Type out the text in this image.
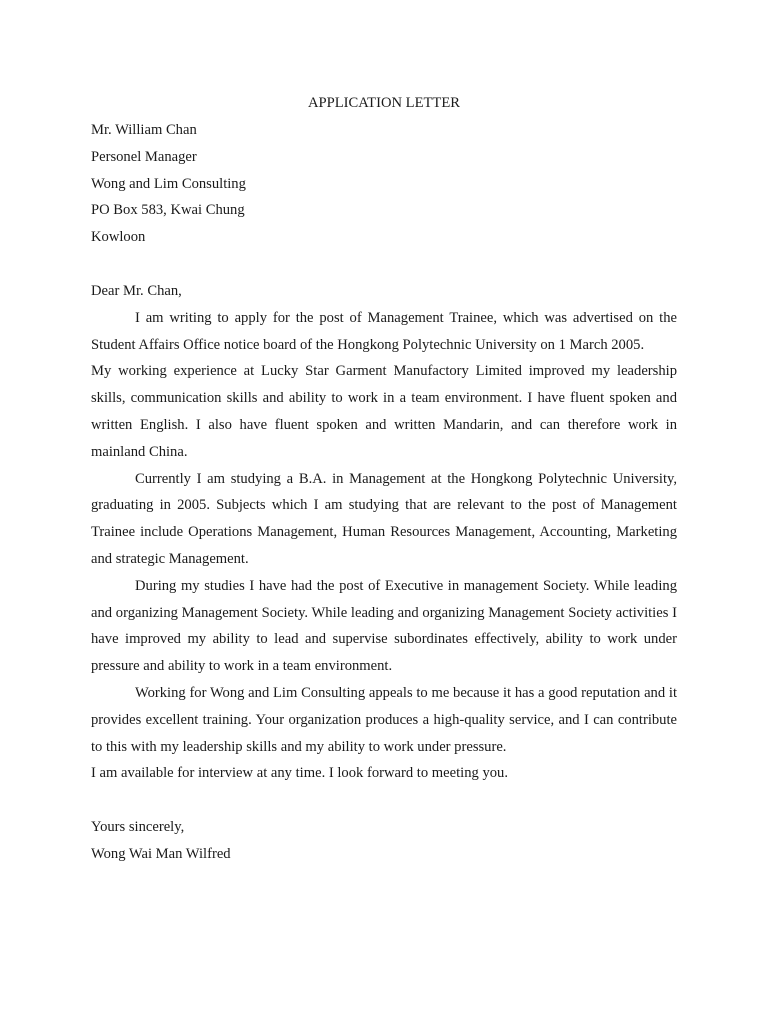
APPLICATION LETTER

Mr. William Chan

Personel Manager

Wong and Lim Consulting

PO Box 583, Kwai Chung

Kowloon

Dear Mr. Chan,

I am writing to apply for the post of Management Trainee, which was advertised on the Student Affairs Office notice board of the Hongkong Polytechnic University on 1 March 2005.

My working experience at Lucky Star Garment Manufactory Limited improved my leadership skills, communication skills and ability to work in a team environment. I have fluent spoken and written English. I also have fluent spoken and written Mandarin, and can therefore work in mainland China.

Currently I am studying a B.A. in Management at the Hongkong Polytechnic University, graduating in 2005. Subjects which I am studying that are relevant to the post of Management Trainee include Operations Management, Human Resources Management, Accounting, Marketing and strategic Management.

During my studies I have had the post of Executive in management Society. While leading and organizing Management Society. While leading and organizing Management Society activities I have improved my ability to lead and supervise subordinates effectively, ability to work under pressure and ability to work in a team environment.

Working for Wong and Lim Consulting appeals to me because it has a good reputation and it provides excellent training. Your organization produces a high-quality service, and I can contribute to this with my leadership skills and my ability to work under pressure.

I am available for interview at any time. I look forward to meeting you.

Yours sincerely,

Wong Wai Man Wilfred
